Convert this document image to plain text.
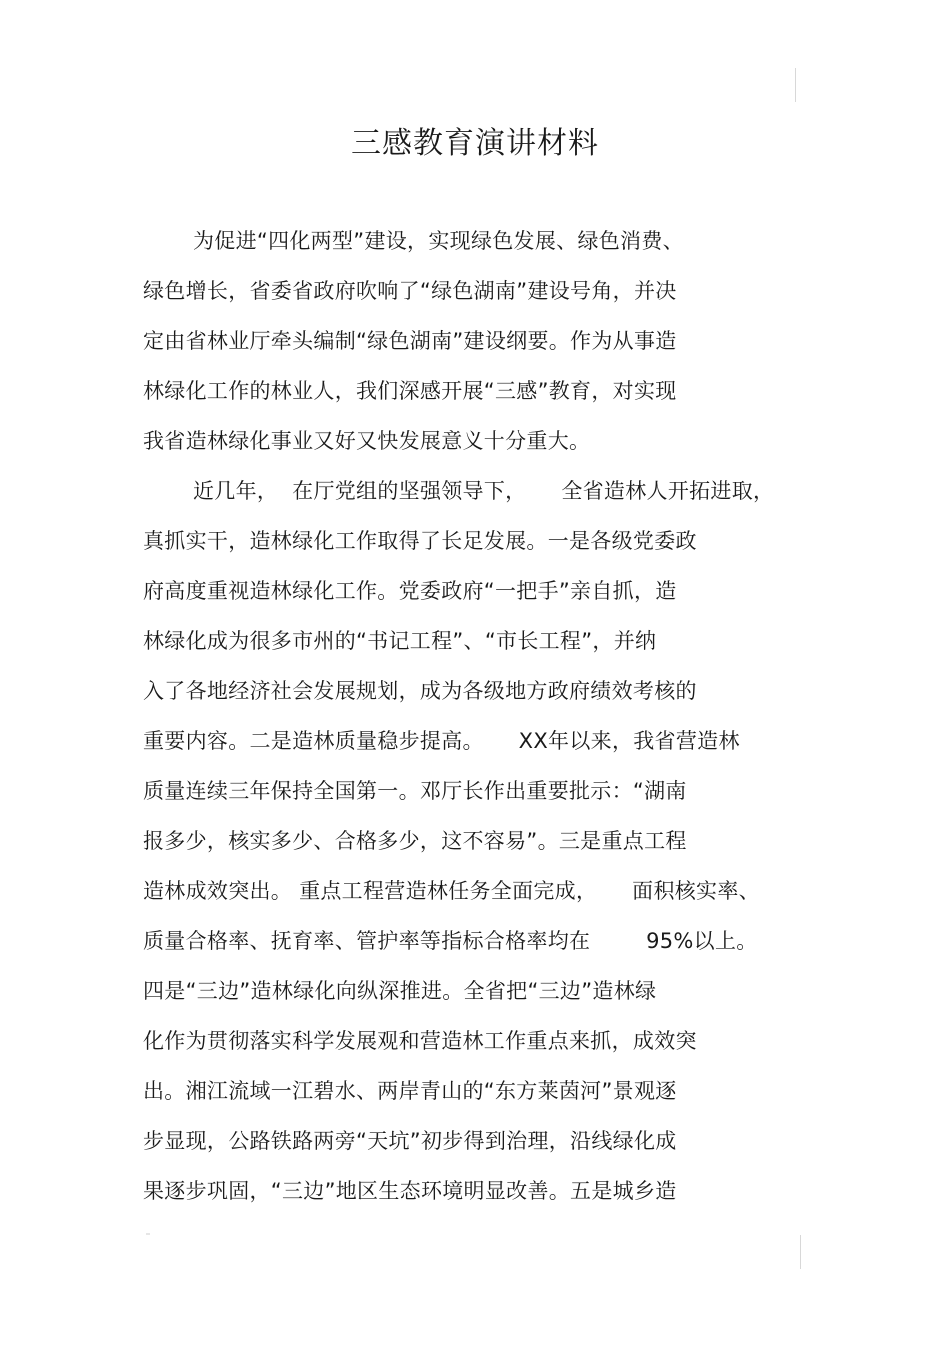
三感教育演讲材料

为促进“四化两型”建设，实现绿色发展、绿色消费、

绿色增长，省委省政府吹响了“绿色湖南”建设号角，并决

定由省林业厅牵头编制“绿色湖南”建设纲要。作为从事造

林绿化工作的林业人，我们深感开展“三感”教育，对实现

我省造林绿化事业又好又快发展意义十分重大。

近几年，  在厅党组的坚强领导下，     全省造林人开拓进取，

真抓实干，造林绿化工作取得了长足发展。一是各级党委政

府高度重视造林绿化工作。党委政府“一把手”亲自抓，造

林绿化成为很多市州的“书记工程”、“市长工程”，并纳

入了各地经济社会发展规划，成为各级地方政府绩效考核的

重要内容。二是造林质量稳步提高。     XX年以来，我省营造林

质量连续三年保持全国第一。邓厅长作出重要批示：“湖南

报多少，核实多少、合格多少，这不容易”。三是重点工程

造林成效突出。 重点工程营造林任务全面完成，     面积核实率、

质量合格率、抚育率、管护率等指标合格率均在        95%以上。

四是“三边”造林绿化向纵深推进。全省把“三边”造林绿

化作为贯彻落实科学发展观和营造林工作重点来抓，成效突

出。湘江流域一江碧水、两岸青山的“东方莱茵河”景观逐

步显现，公路铁路两旁“天坑”初步得到治理，沿线绿化成

果逐步巩固，“三边”地区生态环境明显改善。五是城乡造
